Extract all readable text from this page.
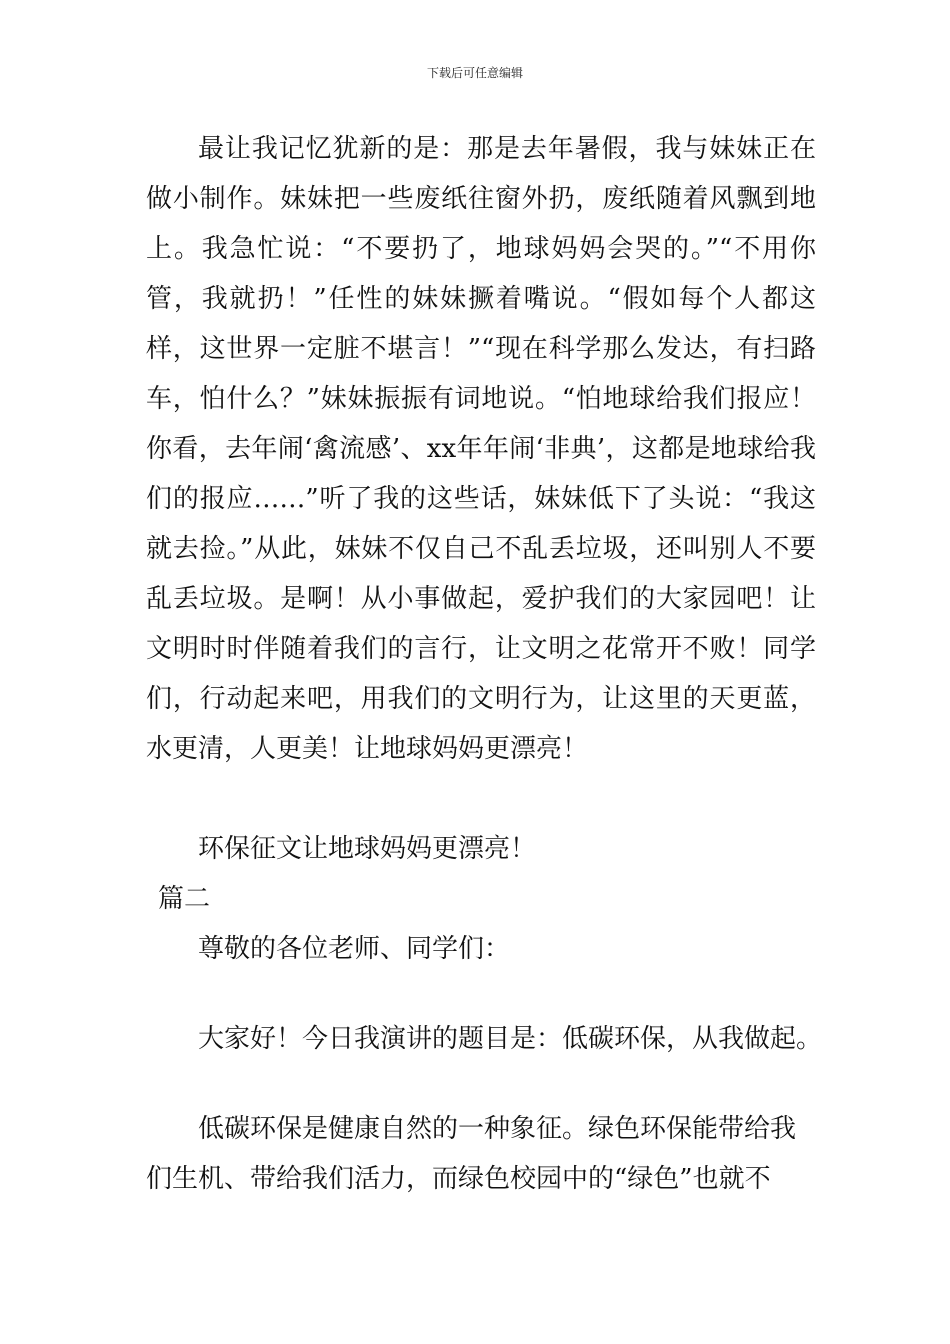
下载后可任意编辑

最让我记忆犹新的是：那是去年暑假，我与妹妹正在做小制作。妹妹把一些废纸往窗外扔，废纸随着风飘到地上。我急忙说：“不要扔了，地球妈妈会哭的。”“不用你管，我就扔！”任性的妹妹撅着嘴说。“假如每个人都这样，这世界一定脏不堪言！”“现在科学那么发达，有扫路车，怕什么？”妹妹振振有词地说。“怕地球给我们报应！你看，去年闹‘禽流感’、xx年年闹‘非典’，这都是地球给我们的报应……”听了我的这些话，妹妹低下了头说：“我这就去捡。”从此，妹妹不仅自己不乱丢垃圾，还叫别人不要乱丢垃圾。是啊！从小事做起，爱护我们的大家园吧！让文明时时伴随着我们的言行，让文明之花常开不败！同学们，行动起来吧，用我们的文明行为，让这里的天更蓝，水更清，人更美！让地球妈妈更漂亮！

环保征文让地球妈妈更漂亮！

篇二

尊敬的各位老师、同学们：

大家好！今日我演讲的题目是：低碳环保，从我做起。

低碳环保是健康自然的一种象征。绿色环保能带给我

们生机、带给我们活力，而绿色校园中的“绿色”也就不
